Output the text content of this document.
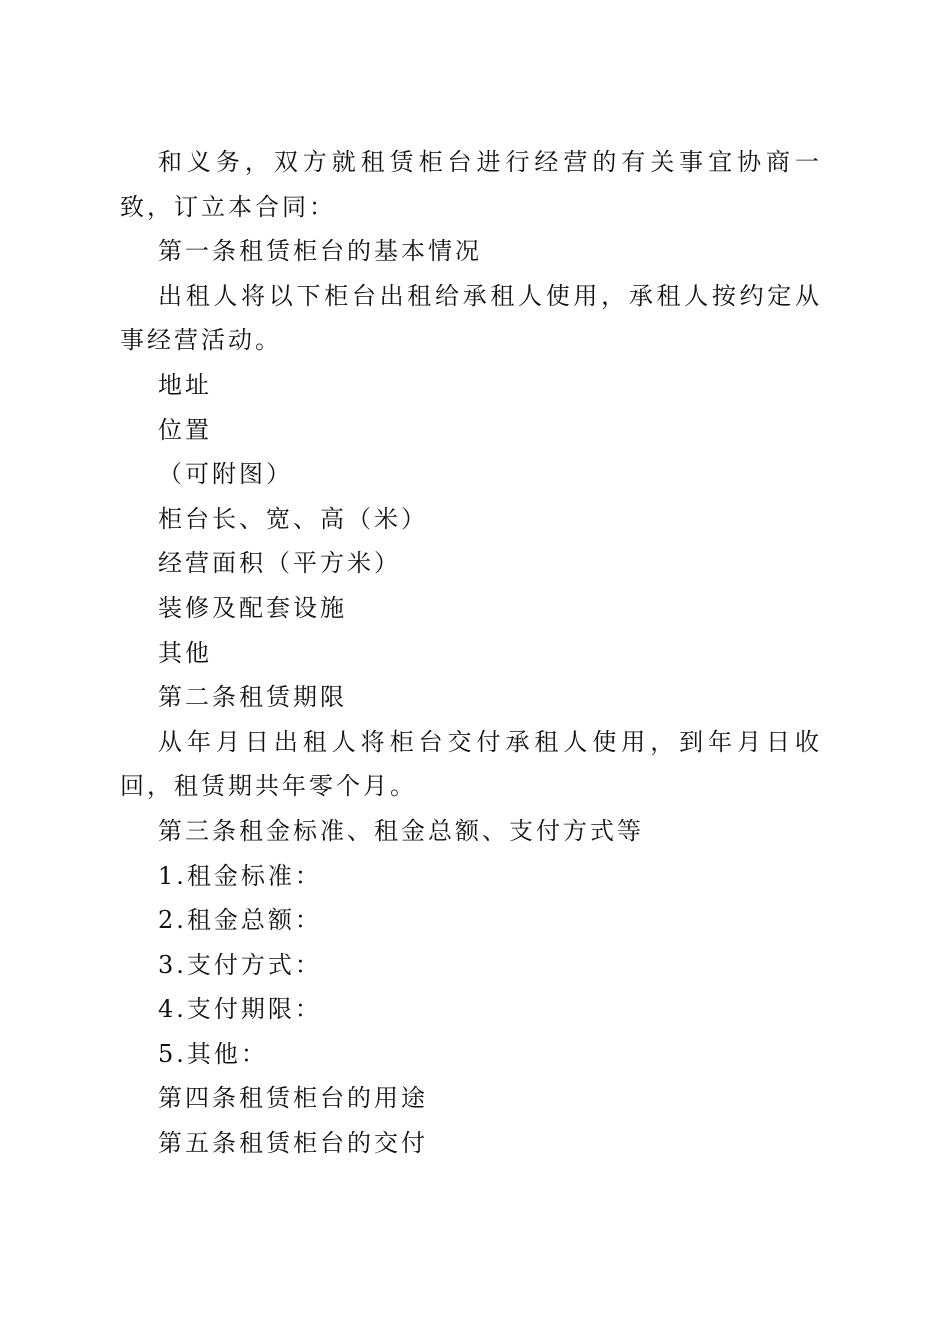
和义务，双方就租赁柜台进行经营的有关事宜协商一致，订立本合同：

第一条租赁柜台的基本情况

出租人将以下柜台出租给承租人使用，承租人按约定从事经营活动。

地址

位置

（可附图）

柜台长、宽、高（米）

经营面积（平方米）

装修及配套设施

其他

第二条租赁期限

从年月日出租人将柜台交付承租人使用，到年月日收回，租赁期共年零个月。

第三条租金标准、租金总额、支付方式等

1.租金标准：

2.租金总额：

3.支付方式：

4.支付期限：

5.其他：

第四条租赁柜台的用途

第五条租赁柜台的交付
